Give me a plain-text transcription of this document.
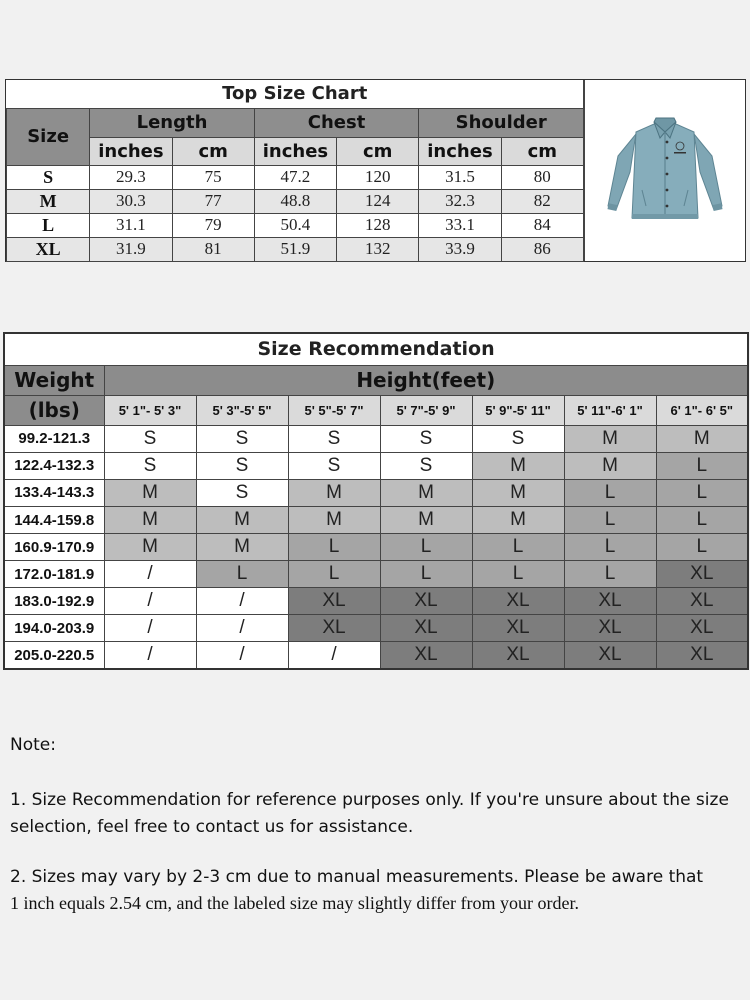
Top Size Chart						
Size	Length		Chest		Shoulder	
	inches	cm	inches	cm	inches	cm
S	29.3	75	47.2	120	31.5	80
M	30.3	77	48.8	124	32.3	82
L	31.1	79	50.4	128	33.1	84
XL	31.9	81	51.9	132	33.9	86
Size Recommendation							
Weight	Height(feet)						
(lbs)	5' 1"- 5' 3"	5' 3"-5' 5"	5' 5"-5' 7"	5' 7"-5' 9"	5' 9"-5' 11"	5' 11"-6' 1"	6' 1"- 6' 5"
99.2-121.3	S	S	S	S	S	M	M
122.4-132.3	S	S	S	S	M	M	L
133.4-143.3	M	S	M	M	M	L	L
144.4-159.8	M	M	M	M	M	L	L
160.9-170.9	M	M	L	L	L	L	L
172.0-181.9	/	L	L	L	L	L	XL
183.0-192.9	/	/	XL	XL	XL	XL	XL
194.0-203.9	/	/	XL	XL	XL	XL	XL
205.0-220.5	/	/	/	XL	XL	XL	XL
Note:
1. Size Recommendation for reference purposes only. If you're unsure about the size selection, feel free to contact us for assistance.
2. Sizes may vary by 2-3 cm due to manual measurements. Please be aware that
1 inch equals 2.54 cm, and the labeled size may slightly differ from your order.
